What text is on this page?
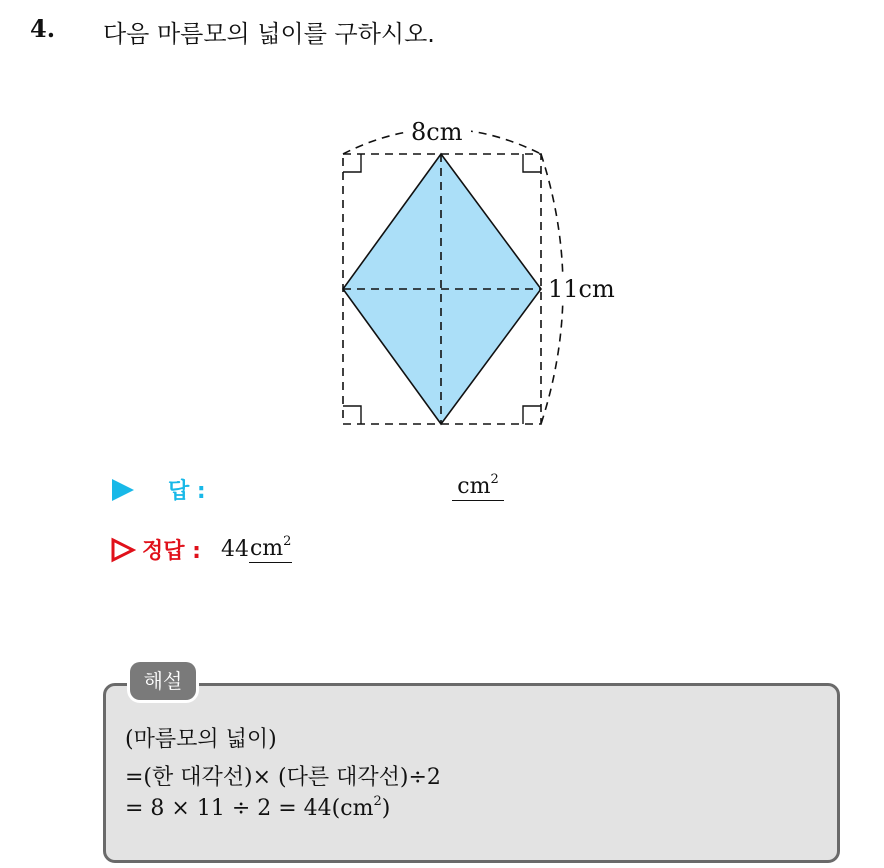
4. 다음 마름모의 넓이를 구하시오.
8cm
11cm
답 :	$cm^2$
정답 : 44 $cm^2$
해설
(마름모의 넓이)
=(한 대각선)× (다른 대각선)÷2
= $8 \times 11 \div 2 = 44(cm^2)$
